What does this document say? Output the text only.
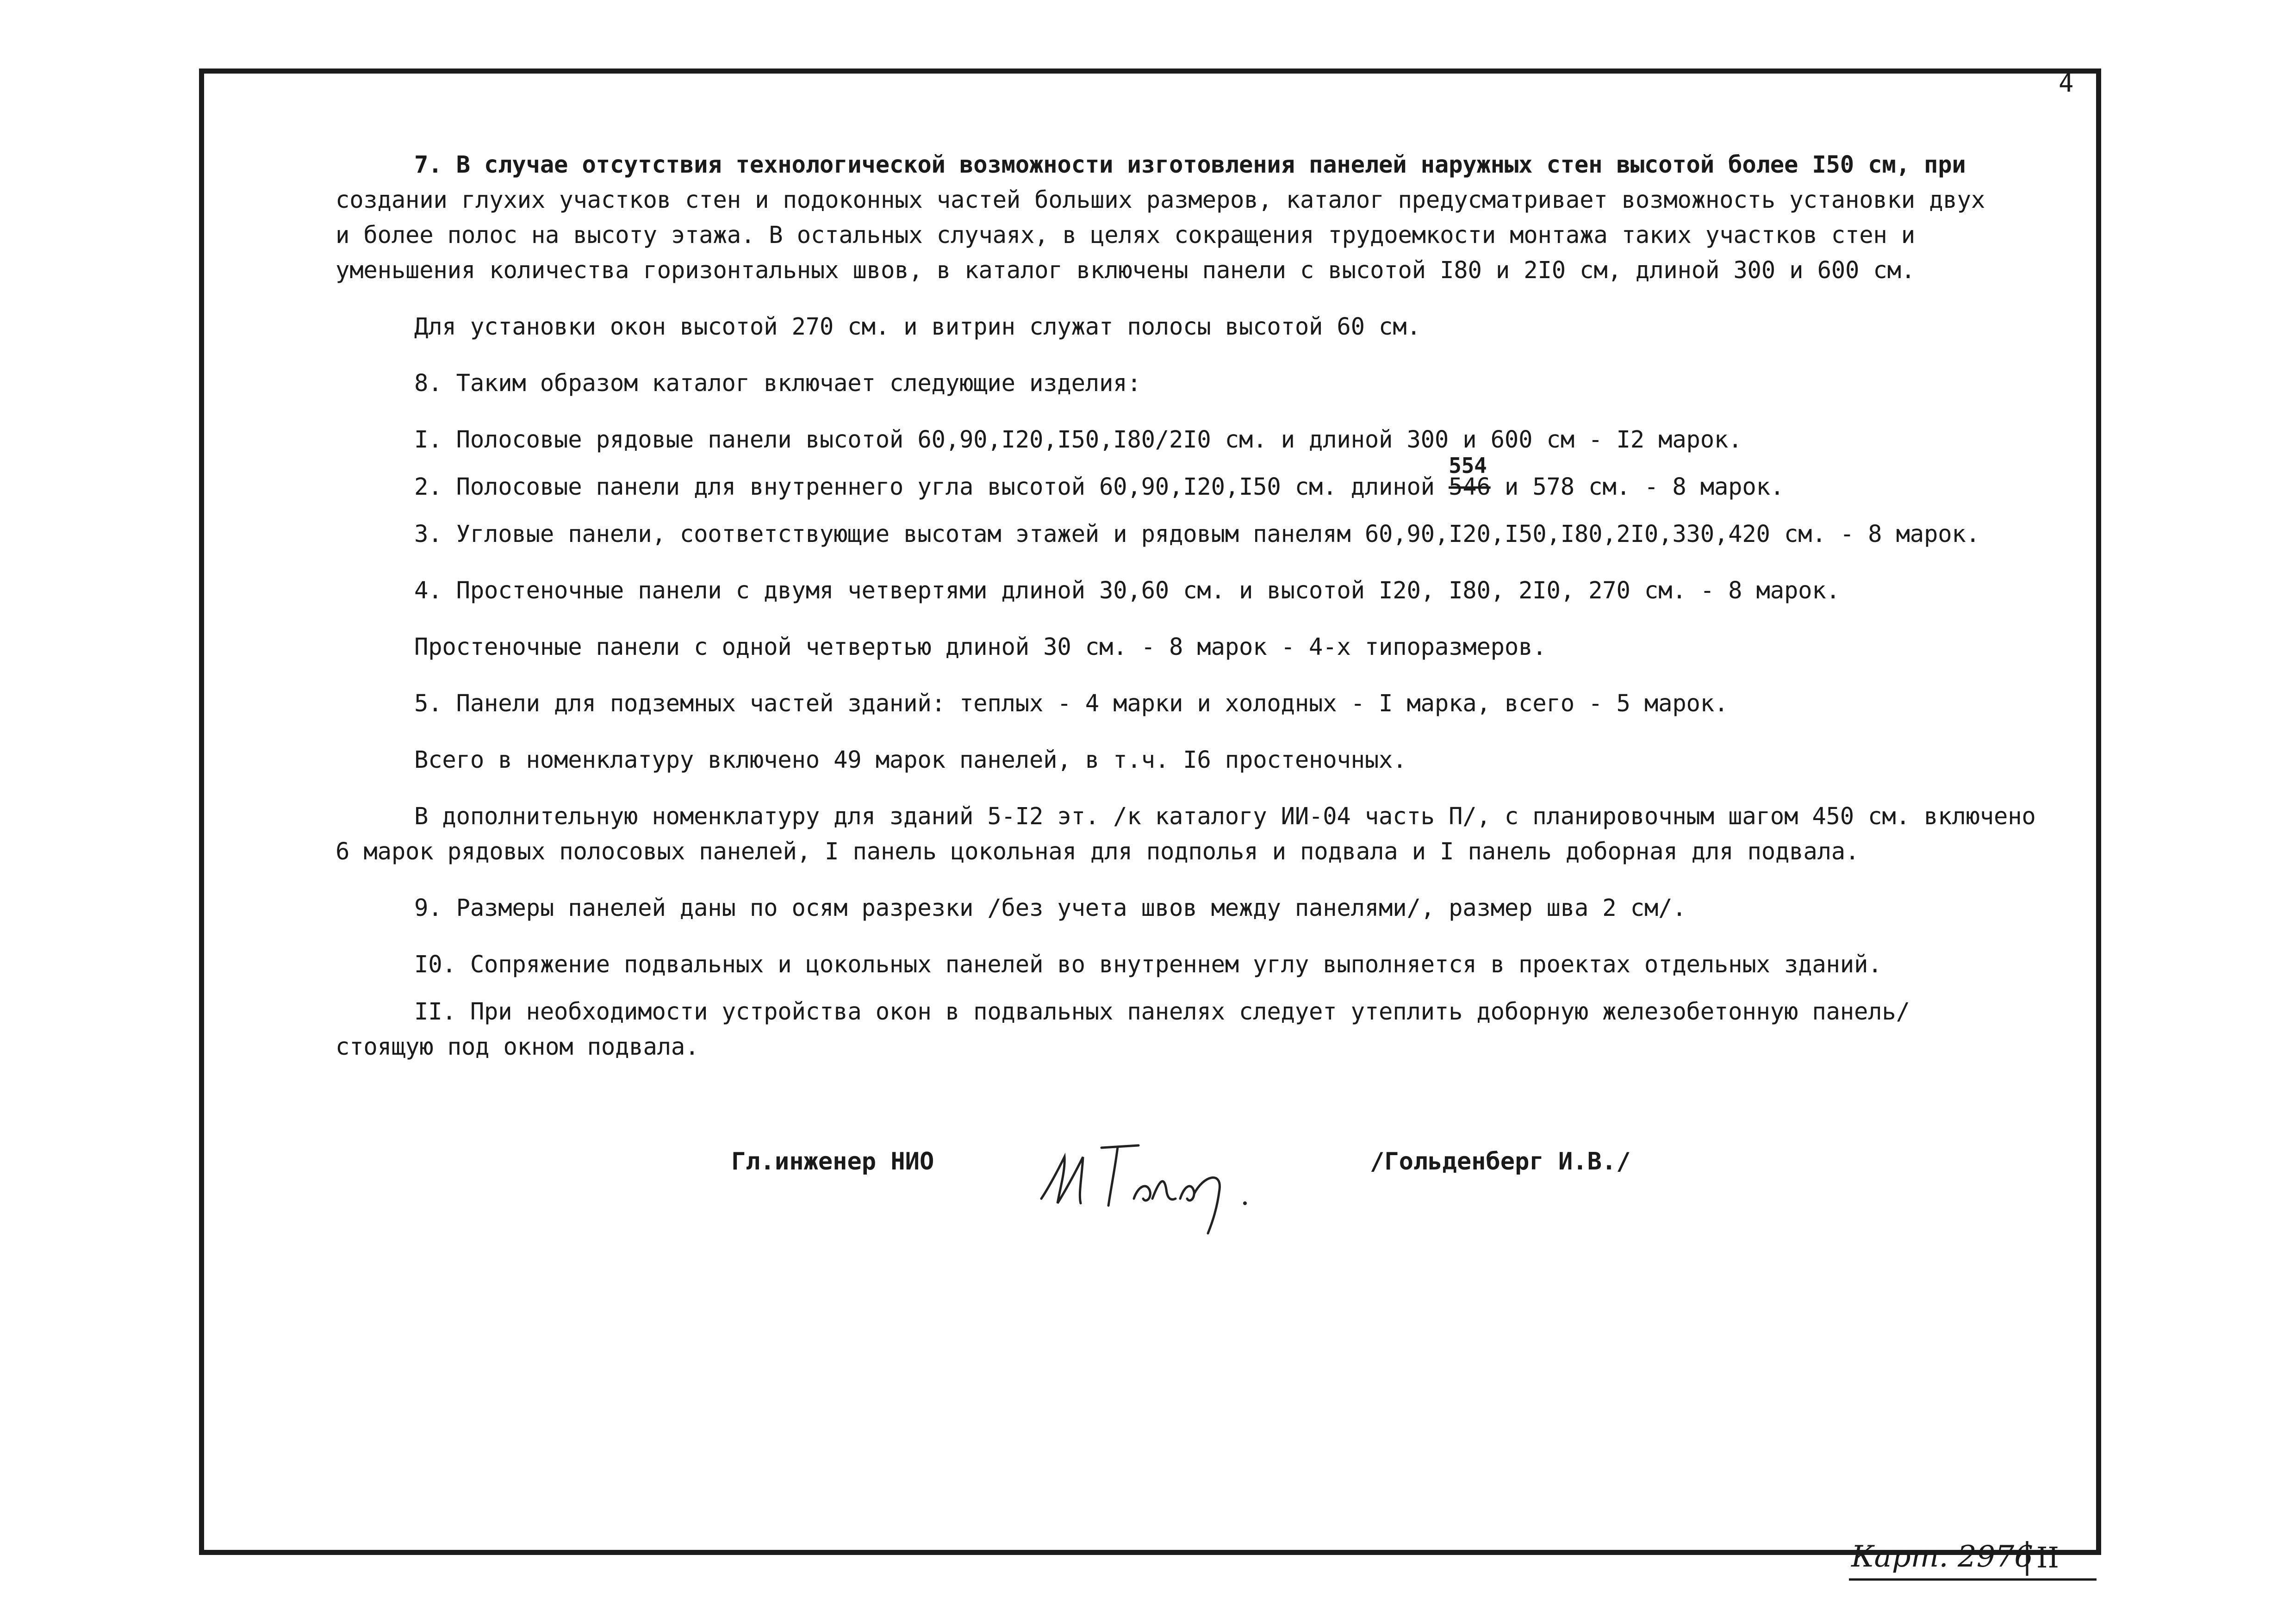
4

7. В случае отсутствия технологической возможности изготовления панелей наружных стен высотой более I50 см, при

создании глухих участков стен и подоконных частей больших размеров, каталог предусматривает возможность установки двух

и более полос на высоту этажа. В остальных случаях, в целях сокращения трудоемкости монтажа таких участков стен и

уменьшения количества горизонтальных швов, в каталог включены панели с высотой I80 и 2I0 см, длиной 300 и 600 см.

Для установки окон высотой 270 см. и витрин служат полосы высотой 60 см.

8. Таким образом каталог включает следующие изделия:

I. Полосовые рядовые панели высотой 60,90,I20,I50,I80/2I0 см. и длиной 300 и 600 см - I2 марок.

2. Полосовые панели для внутреннего угла высотой 60,90,I20,I50 см. длиной
554
546 и 578 см. - 8 марок.

3. Угловые панели, соответствующие высотам этажей и рядовым панелям 60,90,I20,I50,I80,2I0,330,420 см. - 8 марок.

4. Простеночные панели с двумя четвертями длиной 30,60 см. и высотой I20, I80, 2I0, 270 см. - 8 марок.

Простеночные панели с одной четвертью длиной 30 см. - 8 марок - 4-х типоразмеров.

5. Панели для подземных частей зданий: теплых - 4 марки и холодных - I марка, всего - 5 марок.

Всего в номенклатуру включено 49 марок панелей, в т.ч. I6 простеночных.

В дополнительную номенклатуру для зданий 5-I2 эт. /к каталогу ИИ-04 часть П/, с планировочным шагом 450 см. включено

6 марок рядовых полосовых панелей, I панель цокольная для подполья и подвала и I панель доборная для подвала.

9. Размеры панелей даны по осям разрезки /без учета швов между панелями/, размер шва 2 см/.

I0. Сопряжение подвальных и цокольных панелей во внутреннем углу выполняется в проектах отдельных зданий.

II. При необходимости устройства окон в подвальных панелях следует утеплить доборную железобетонную панель/

стоящую под окном подвала.

Гл.инженер НИО	/Гольденберг И.В./
Карт. 2976 II
